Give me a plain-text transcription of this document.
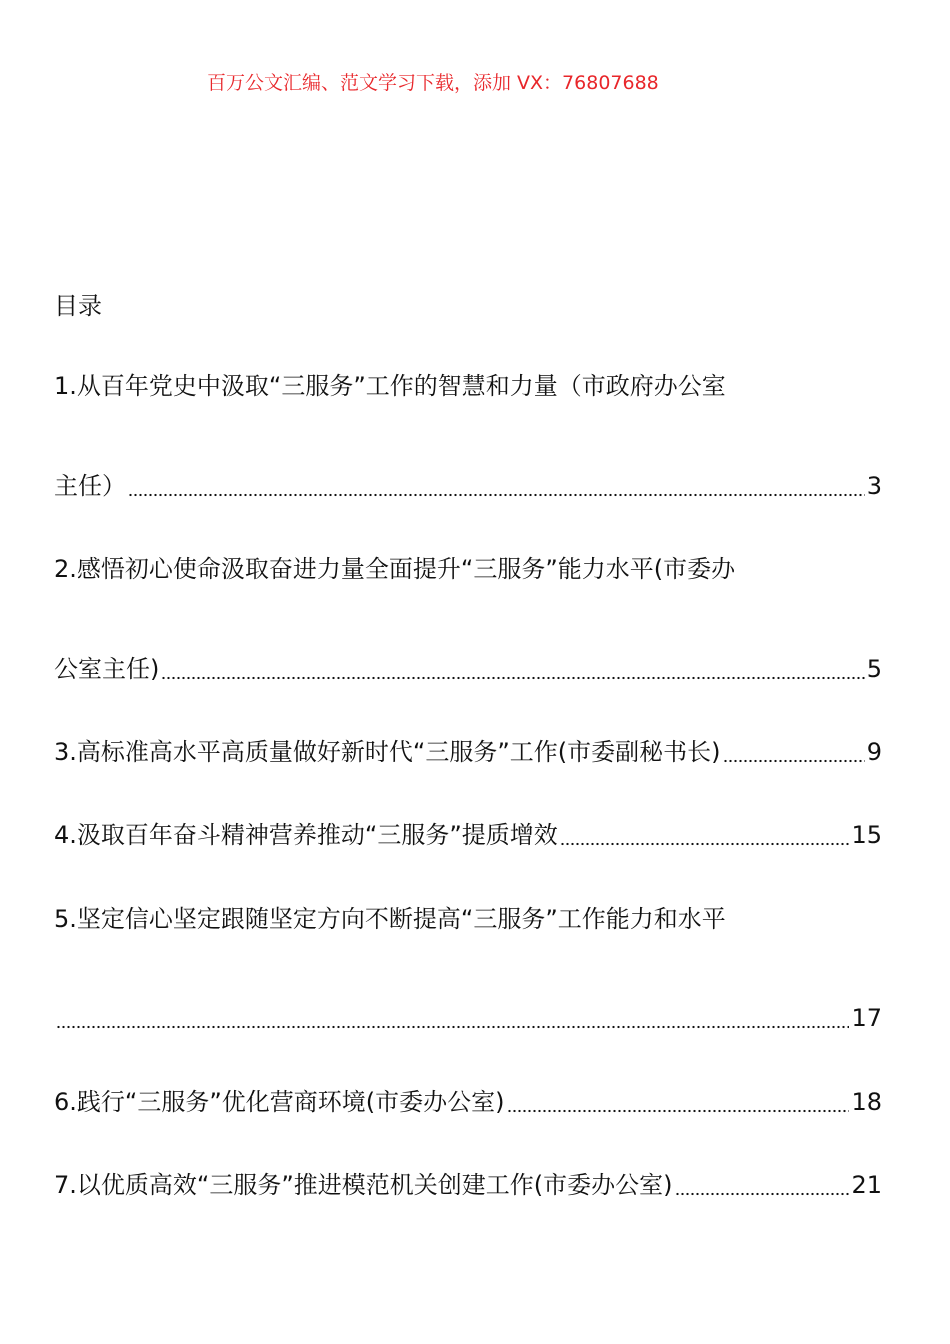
百万公文汇编、范文学习下载，添加 VX：76807688
目录
1.从百年党史中汲取“三服务”工作的智慧和力量（市政府办公室
主任）	3
2.感悟初心使命汲取奋进力量全面提升“三服务”能力水平(市委办
公室主任)	5
3.高标准高水平高质量做好新时代“三服务”工作(市委副秘书长)	9
4.汲取百年奋斗精神营养推动“三服务”提质增效	15
5.坚定信心坚定跟随坚定方向不断提高“三服务”工作能力和水平
17
6.践行“三服务”优化营商环境(市委办公室)	18
7.以优质高效“三服务”推进模范机关创建工作(市委办公室)	21
